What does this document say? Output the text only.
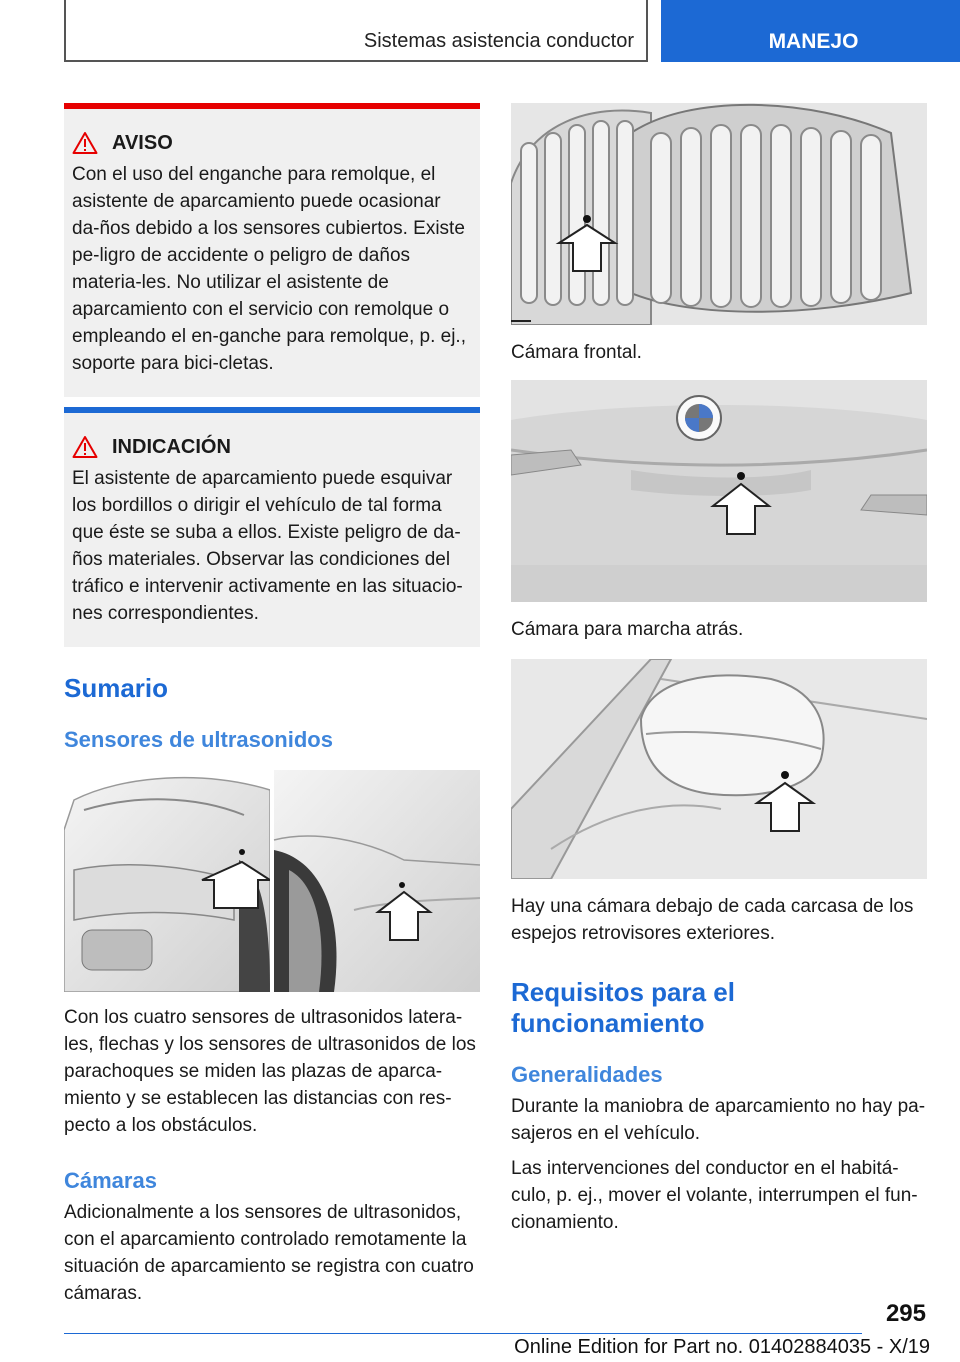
Sistemas asistencia conductor	MANEJO
AVISO

Con el uso del enganche para remolque, el asistente de aparcamiento puede ocasionar da-ños debido a los sensores cubiertos. Existe pe-ligro de accidente o peligro de daños materia-les. No utilizar el asistente de aparcamiento con el servicio con remolque o empleando el en-ganche para remolque, p. ej., soporte para bici-cletas.

INDICACIÓN

El asistente de aparcamiento puede esquivar los bordillos o dirigir el vehículo de tal forma que éste se suba a ellos. Existe peligro de da-ños materiales. Observar las condiciones del tráfico e intervenir activamente en las situacio-nes correspondientes.

Sumario
Sensores de ultrasonidos

Con los cuatro sensores de ultrasonidos latera-les, flechas y los sensores de ultrasonidos de los parachoques se miden las plazas de aparca-miento y se establecen las distancias con res-pecto a los obstáculos.

Cámaras

Adicionalmente a los sensores de ultrasonidos, con el aparcamiento controlado remotamente la situación de aparcamiento se registra con cuatro cámaras.

Cámara frontal.

Cámara para marcha atrás.

Hay una cámara debajo de cada carcasa de los espejos retrovisores exteriores.

Requisitos para el funcionamiento
Generalidades

Durante la maniobra de aparcamiento no hay pa-sajeros en el vehículo.

Las intervenciones del conductor en el habitá-culo, p. ej., mover el volante, interrumpen el fun-cionamiento.

295
Online Edition for Part no. 01402884035 - X/19
